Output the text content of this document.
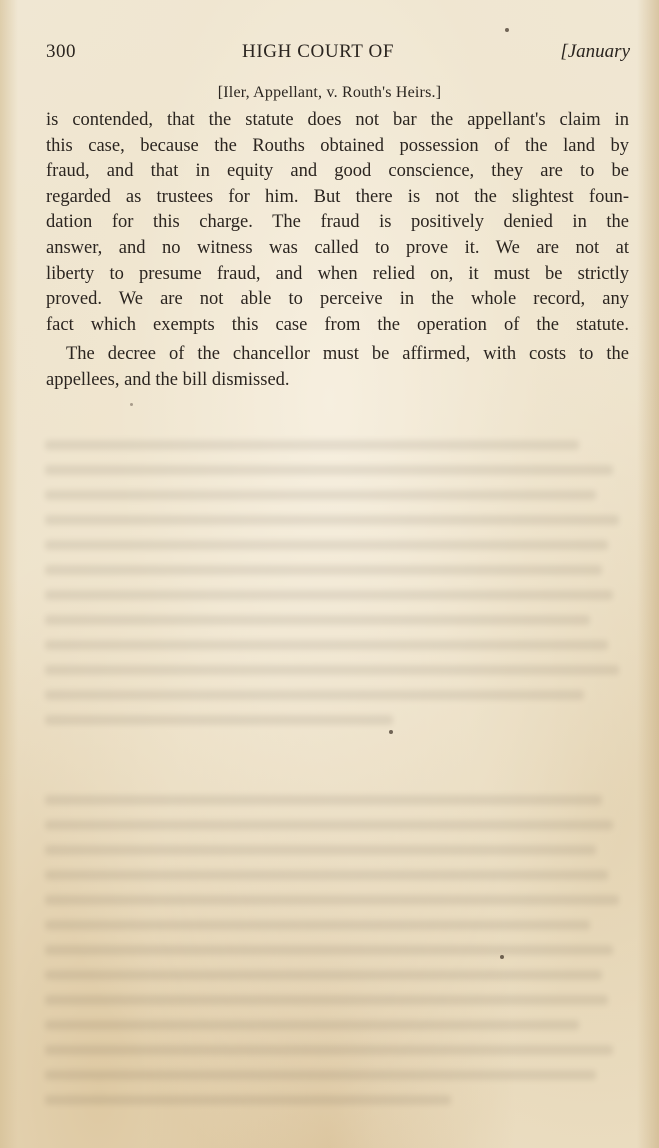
300	HIGH COURT OF	[January
[Iler, Appellant, v. Routh's Heirs.]

is contended, that the statute does not bar the appellant's claim in

this case, because the Rouths obtained possession of the land by

fraud, and that in equity and good conscience, they are to be

regarded as trustees for him. But there is not the slightest foun-

dation for this charge. The fraud is positively denied in the

answer, and no witness was called to prove it. We are not at

liberty to presume fraud, and when relied on, it must be strictly

proved. We are not able to perceive in the whole record, any

fact which exempts this case from the operation of the statute.

The decree of the chancellor must be affirmed, with costs to the

appellees, and the bill dismissed.
